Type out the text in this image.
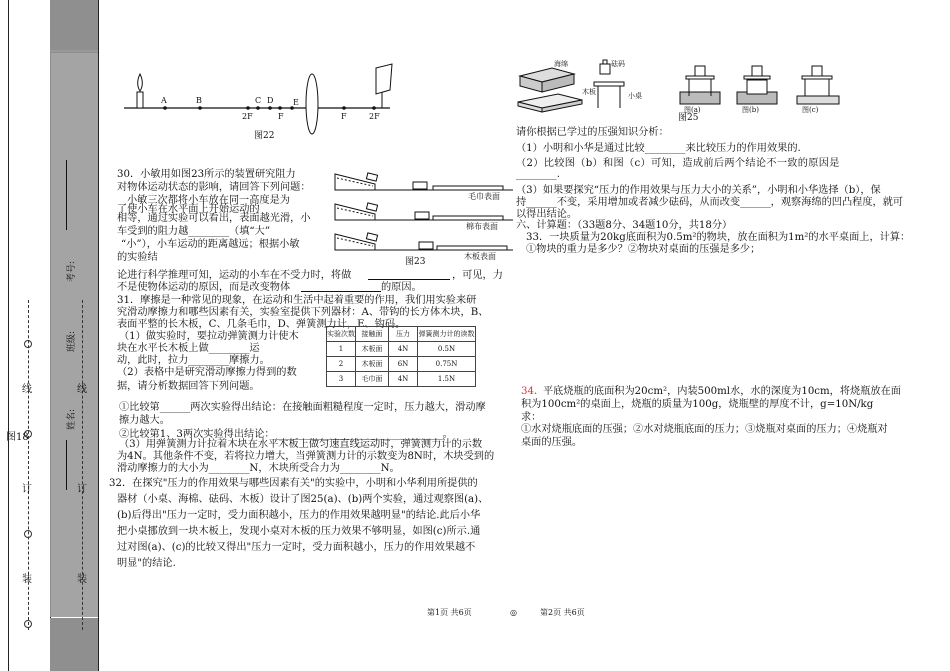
考号:
班级:
姓名:
线	线
订	订
装	装
图18
A	B	C D E
2F	F	F	2F
图22
30．小敏用如图23所示的装置研究阻力
对物体运动状态的影响，请回答下列问题：
小敏三次都将小车放在同一高度是为
了使小车在水平面上开始运动的
相等，通过实验可以看出，表面越光滑，小
车受到的阻力越________（填“大”
“小”），小车运动的距离越远；根据小敏
的实验结
毛巾表面
棉布表面
木板表面
图23
论进行科学推理可知，运动的小车在不受力时，将做	，可见，力
不是使物体运动的原因，而是改变物体	的原因。
31．摩擦是一种常见的现象，在运动和生活中起着重要的作用，我们用实验来研
究滑动摩擦力和哪些因素有关，实验室提供下列器材：A、带钩的长方体木块，B、
表面平整的长木板，C、几条毛巾，D、弹簧测力计，E、钩码。
（1）做实验时，要拉动弹簧测力计使木
块在水平长木板上做________运
动，此时，拉力________摩擦力。
（2）表格中是研究滑动摩擦力得到的数
据，请分析数据回答下列问题。
实验次数	接触面	压力	弹簧测力计的读数
1	木板面	4N	0.5N
2	木板面	6N	0.75N
3	毛巾面	4N	1.5N
①比较第______两次实验得出结论：在接触面粗糙程度一定时，压力越大，滑动摩
擦力越大。
②比较第1、3两次实验得出结论：_________________________________。
（3）用弹簧测力计拉着木块在水平木板上做匀速直线运动时，弹簧测力计的示数
为4N。其他条件不变，若将拉力增大，当弹簧测力计的示数变为8N时，木块受到的
滑动摩擦力的大小为________N，木块所受合力为________N。
32．在探究"压力的作用效果与哪些因素有关"的实验中，小明和小华利用所提供的
器材（小桌、海棉、砝码、木板）设计了图25(a)、(b)两个实验，通过观察图(a)、
(b)后得出"压力一定时，受力面积越小，压力的作用效果越明显"的结论.此后小华
把小桌挪放到一块木板上，发现小桌对木板的压力效果不够明显，如图(c)所示.通
过对图(a)、(c)的比较又得出"压力一定时，受力面积越小，压力的作用效果越不
明显"的结论.
海绵	砝码
木板	小桌
图(a)	图(b)	图(c)
图25
请你根据已学过的压强知识分析：
（1）小明和小华是通过比较________来比较压力的作用效果的.
（2）比较图（b）和图（c）可知，造成前后两个结论不一致的原因是
________.
（3）如果要探究“压力的作用效果与压力大小的关系”，小明和小华选择（b），保
持______不变，采用增加或者减少砝码，从而改变______，观察海绵的凹凸程度，就可
以得出结论。
六、计算题：（33题8分、34题10分，共18分）
33．一块质量为20kg底面积为0.5m²的物块，放在面积为1m²的水平桌面上，计算：
①物块的重力是多少？②物块对桌面的压强是多少；
34．
平底烧瓶的底面积为20cm²，内装500ml水，水的深度为10cm，将烧瓶放在面
积为100cm²的桌面上，烧瓶的质量为100g，烧瓶壁的厚度不计，g=10N/kg
求：
①水对烧瓶底面的压强；②水对烧瓶底面的压力；③烧瓶对桌面的压力；④烧瓶对
桌面的压强。
第1页 共6页	◎	第2页 共6页
